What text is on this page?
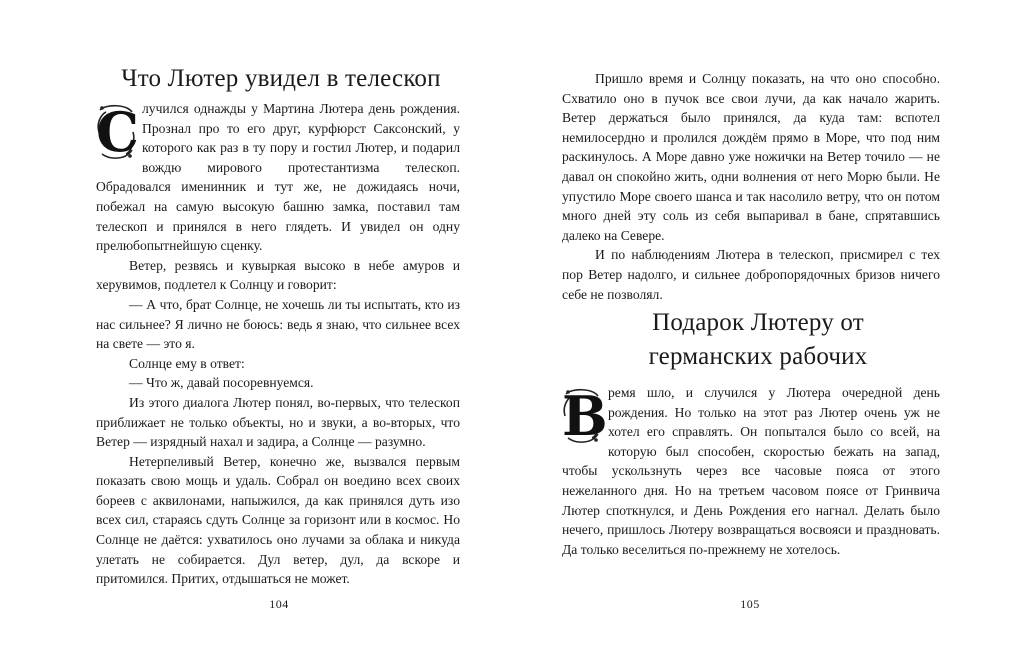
Что Лютер увидел в телескоп

С лучился однажды у Мартина Лютера день рождения. Прознал про то его друг, курфюрст Саксонский, у которого как раз в ту пору и гостил Лютер, и подарил вождю мирового протестантизма телескоп. Обрадовался именинник и тут же, не дожидаясь ночи, побежал на самую высокую башню замка, поставил там телескоп и принялся в него глядеть. И увидел он одну прелюбопытнейшую сценку.

Ветер, резвясь и кувыркая высоко в небе амуров и херувимов, подлетел к Солнцу и говорит:

— А что, брат Солнце, не хочешь ли ты испытать, кто из нас сильнее? Я лично не боюсь: ведь я знаю, что сильнее всех на свете — это я.

Солнце ему в ответ:

— Что ж, давай посоревнуемся.

Из этого диалога Лютер понял, во-первых, что телескоп приближает не только объекты, но и звуки, а во-вторых, что Ветер — изрядный нахал и задира, а Солнце — разумно.

Нетерпеливый Ветер, конечно же, вызвался первым показать свою мощь и удаль. Собрал он воедино всех своих бореев с аквилонами, напыжился, да как принялся дуть изо всех сил, стараясь сдуть Солнце за горизонт или в космос. Но Солнце не даётся: ухватилось оно лучами за облака и никуда улетать не собирается. Дул ветер, дул, да вскоре и притомился. Притих, отдышаться не может.

104

Пришло время и Солнцу показать, на что оно способно. Схватило оно в пучок все свои лучи, да как начало жарить. Ветер держаться было принялся, да куда там: вспотел немилосердно и пролился дождём прямо в Море, что под ним раскинулось. А Море давно уже ножички на Ветер точило — не давал он спокойно жить, одни волнения от него Морю были. Не упустило Море своего шанса и так насолило ветру, что он потом много дней эту соль из себя выпаривал в бане, спрятавшись далеко на Севере.

И по наблюдениям Лютера в телескоп, присмирел с тех пор Ветер надолго, и сильнее добропорядочных бризов ничего себе не позволял.

Подарок Лютеру от
германских рабочих

В ремя шло, и случился у Лютера очередной день рождения. Но только на этот раз Лютер очень уж не хотел его справлять. Он попытался было со всей, на которую был способен, скоростью бежать на запад, чтобы ускользнуть через все часовые пояса от этого нежеланного дня. Но на третьем часовом поясе от Гринвича Лютер споткнулся, и День Рождения его нагнал. Делать было нечего, пришлось Лютеру возвращаться восвояси и праздновать. Да только веселиться по-прежнему не хотелось.

105
